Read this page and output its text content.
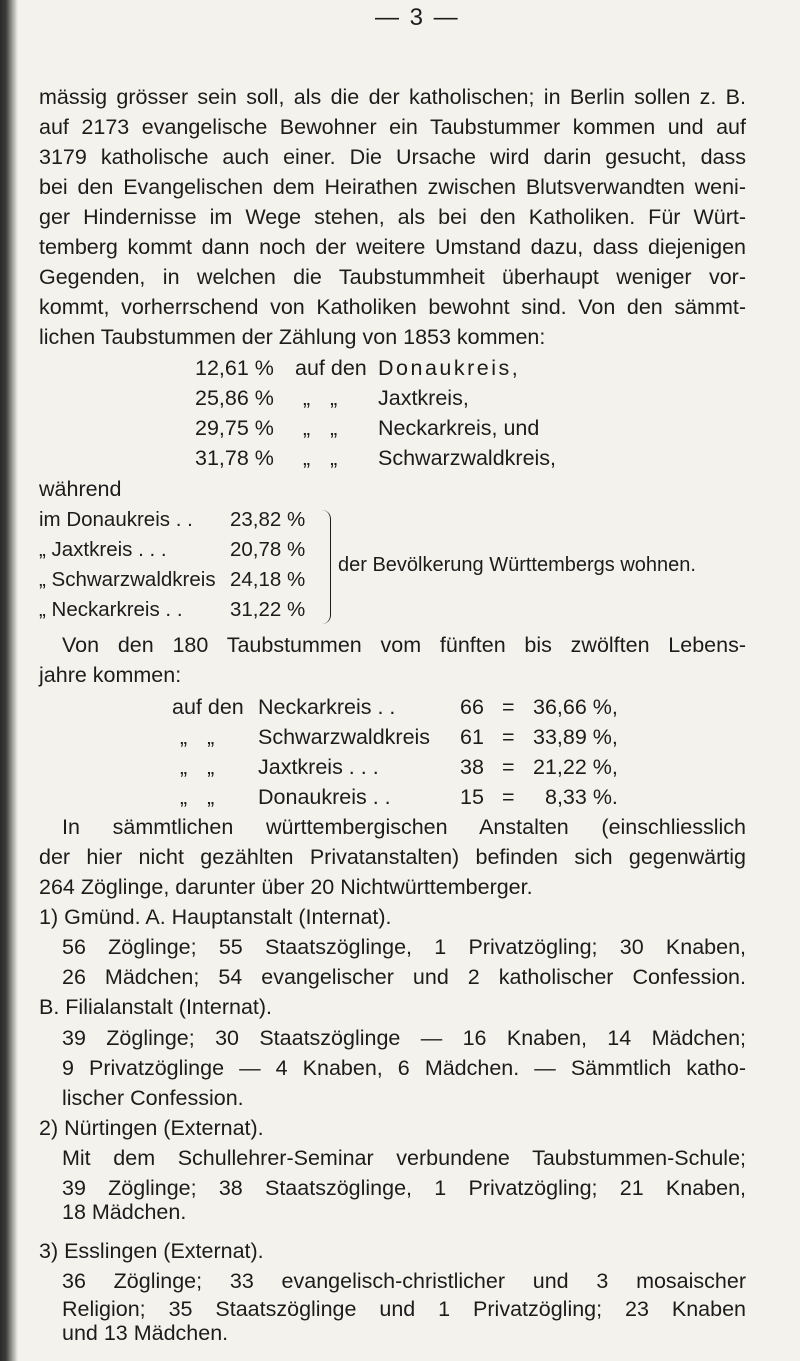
— 3 —
mässig grösser sein soll, als die der katholischen; in Berlin sollen z. B.
auf 2173 evangelische Bewohner ein Taubstummer kommen und auf
3179 katholische auch einer. Die Ursache wird darin gesucht, dass
bei den Evangelischen dem Heirathen zwischen Blutsverwandten weni-
ger Hindernisse im Wege stehen, als bei den Katholiken. Für Würt-
temberg kommt dann noch der weitere Umstand dazu, dass diejenigen
Gegenden, in welchen die Taubstummheit überhaupt weniger vor-
kommt, vorherrschend von Katholiken bewohnt sind. Von den sämmt-
lichen Taubstummen der Zählung von 1853 kommen:
12,61 % auf den Donaukreis,
25,86 % „ „ Jaxtkreis,
29,75 % „ „ Neckarkreis, und
31,78 % „ „ Schwarzwaldkreis,
während
im Donaukreis . . 23,82 %
„ Jaxtkreis . . .	20,78 %
„ Schwarzwaldkreis 24,18 %
„ Neckarkreis . . 31,22 %
der Bevölkerung Württembergs wohnen.
Von den 180 Taubstummen vom fünften bis zwölften Lebens-
jahre kommen:
auf den Neckarkreis . .	66 = 36,66 %,
„ „ Schwarzwaldkreis 61 = 33,89 %,
„ „ Jaxtkreis . . .	38 = 21,22 %,
„ „ Donaukreis . .	15 = 8,33 %.
In sämmtlichen württembergischen Anstalten (einschliesslich
der hier nicht gezählten Privatanstalten) befinden sich gegenwärtig
264 Zöglinge, darunter über 20 Nichtwürttemberger.
1) Gmünd. A. Hauptanstalt (Internat).
56 Zöglinge; 55 Staatszöglinge, 1 Privatzögling; 30 Knaben,
26 Mädchen; 54 evangelischer und 2 katholischer Confession.
B. Filialanstalt (Internat).
39 Zöglinge; 30 Staatszöglinge — 16 Knaben, 14 Mädchen;
9 Privatzöglinge — 4 Knaben, 6 Mädchen. — Sämmtlich katho-
lischer Confession.
2) Nürtingen (Externat).
Mit dem Schullehrer-Seminar verbundene Taubstummen-Schule;
39 Zöglinge; 38 Staatszöglinge, 1 Privatzögling; 21 Knaben,
18 Mädchen.
3) Esslingen (Externat).
36 Zöglinge; 33 evangelisch-christlicher und 3 mosaischer
Religion; 35 Staatszöglinge und 1 Privatzögling; 23 Knaben
und 13 Mädchen.
